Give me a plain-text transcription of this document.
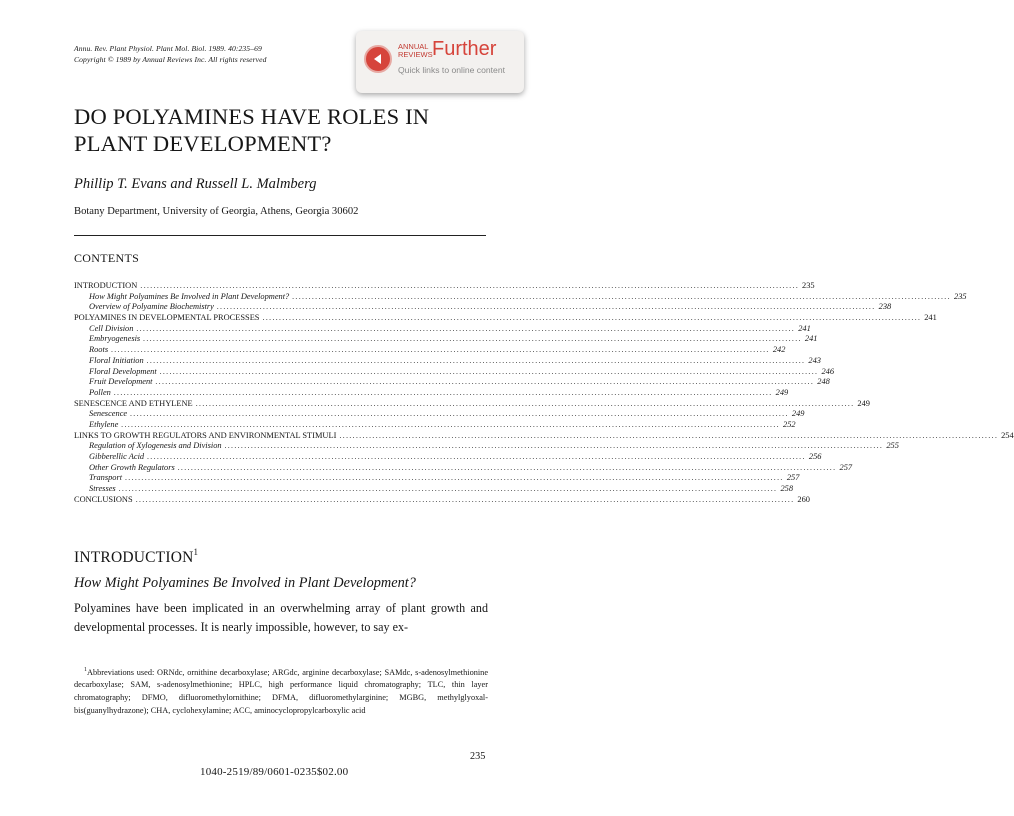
Annu. Rev. Plant Physiol. Plant Mol. Biol. 1989. 40:235–69
Copyright © 1989 by Annual Reviews Inc. All rights reserved
ANNUAL
REVIEWS Further
Quick links to online content
DO POLYAMINES HAVE ROLES IN
PLANT DEVELOPMENT?
Phillip T. Evans and Russell L. Malmberg
Botany Department, University of Georgia, Athens, Georgia 30602
CONTENTS
INTRODUCTION ........................................................................................................................................................................................................ 235
How Might Polyamines Be Involved in Plant Development? ........................................................................................................................................................................................................ 235
Overview of Polyamine Biochemistry ........................................................................................................................................................................................................ 238
POLYAMINES IN DEVELOPMENTAL PROCESSES ........................................................................................................................................................................................................ 241
Cell Division ........................................................................................................................................................................................................ 241
Embryogenesis ........................................................................................................................................................................................................ 241
Roots ........................................................................................................................................................................................................ 242
Floral Initiation ........................................................................................................................................................................................................ 243
Floral Development ........................................................................................................................................................................................................ 246
Fruit Development ........................................................................................................................................................................................................ 248
Pollen ........................................................................................................................................................................................................ 249
SENESCENCE AND ETHYLENE ........................................................................................................................................................................................................ 249
Senescence ........................................................................................................................................................................................................ 249
Ethylene ........................................................................................................................................................................................................ 252
LINKS TO GROWTH REGULATORS AND ENVIRONMENTAL STIMULI ........................................................................................................................................................................................................ 254
Regulation of Xylogenesis and Division ........................................................................................................................................................................................................ 255
Gibberellic Acid ........................................................................................................................................................................................................ 256
Other Growth Regulators ........................................................................................................................................................................................................ 257
Transport ........................................................................................................................................................................................................ 257
Stresses ........................................................................................................................................................................................................ 258
CONCLUSIONS ........................................................................................................................................................................................................ 260
INTRODUCTION$^1$
How Might Polyamines Be Involved in Plant Development?
Polyamines have been implicated in an overwhelming array of plant growth and developmental processes. It is nearly impossible, however, to say ex-
$^1$Abbreviations used: ORNdc, ornithine decarboxylase; ARGdc, arginine decarboxylase; SAMdc, s-adenosylmethionine decarboxylase; SAM, s-adenosylmethionine; HPLC, high performance liquid chromatography; TLC, thin layer chromatography; DFMO, difluoromethylornithine; DFMA, difluoromethylarginine; MGBG, methylglyoxal-bis(guanylhydrazone); CHA, cyclohexylamine; ACC, aminocyclopropylcarboxylic acid
235
1040-2519/89/0601-0235$02.00
